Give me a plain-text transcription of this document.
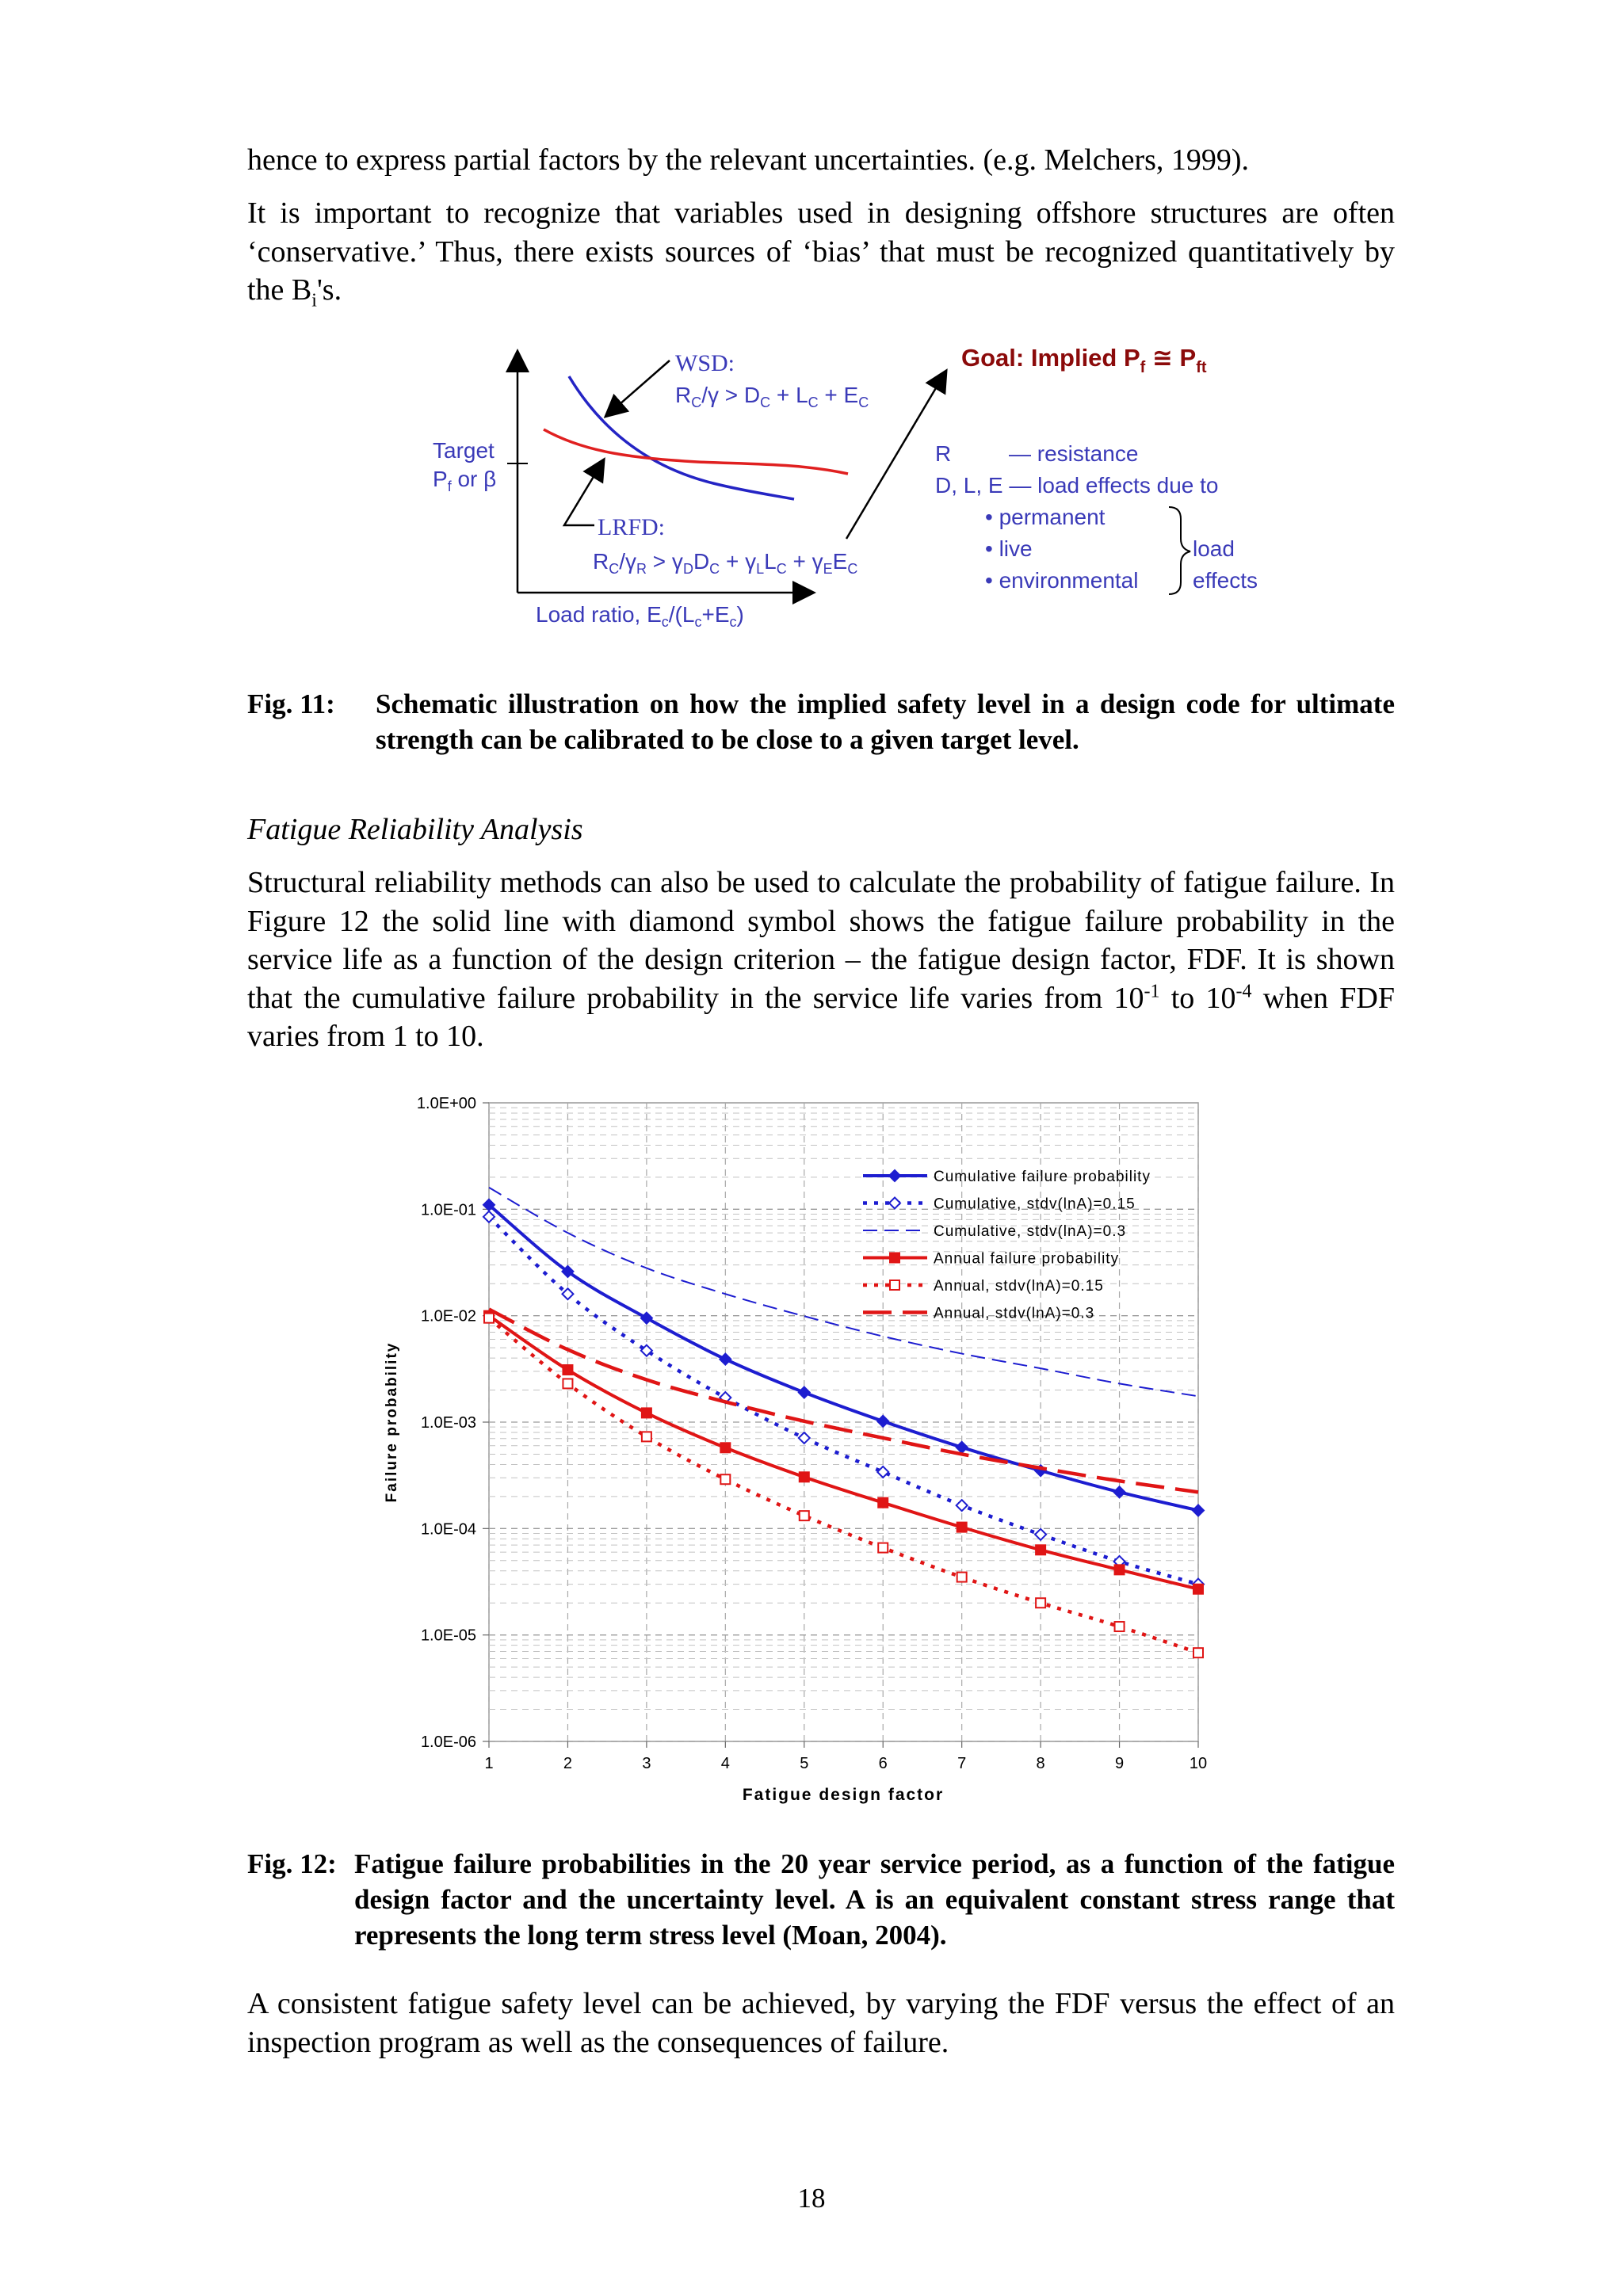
hence to express partial factors by the relevant uncertainties. (e.g. Melchers, 1999).

It is important to recognize that variables used in designing offshore structures are often ‘conservative.’ Thus, there exists sources of ‘bias’ that must be recognized quantitatively by the $B_i's$.

WSD:
$R_C/\gamma > D_C + L_C + E_C$
Goal: Implied $P_f$ ≅ $P_{ft}$
Target
$P_f$ or β
LRFD:
$R_C/\gamma_R > \gamma_DD_C + \gamma_LL_C + \gamma_EE_C$
Load ratio, $E_c/(L_c+E_c)$
R	— resistance
D, L, E — load effects due to
• permanent
• live
• environmental
load
effects
Fig. 11: Schematic illustration on how the implied safety level in a design code for ultimate strength can be calibrated to be close to a given target level.

Fatigue Reliability Analysis

Structural reliability methods can also be used to calculate the probability of fatigue failure. In Figure 12 the solid line with diamond symbol shows the fatigue failure probability in the service life as a function of the design criterion – the fatigue design factor, FDF. It is shown that the cumulative failure probability in the service life varies from $10^{-1}$ to $10^{-4}$ when FDF varies from 1 to 10.

1.0E+00
1.0E-01
1.0E-02
1.0E-03
1.0E-04
1.0E-05
1.0E-06
1	2	3	4	5	6	7	8	9	10
Cumulative failure probability
Cumulative, stdv(lnA)=0.15
Cumulative, stdv(lnA)=0.3
Annual failure probability
Annual, stdv(lnA)=0.15
Annual, stdv(lnA)=0.3
Fatigue design factor
Failure probability
Fig. 12: Fatigue failure probabilities in the 20 year service period, as a function of the fatigue design factor and the uncertainty level. A is an equivalent constant stress range that represents the long term stress level (Moan, 2004).

A consistent fatigue safety level can be achieved, by varying the FDF versus the effect of an inspection program as well as the consequences of failure.

18
